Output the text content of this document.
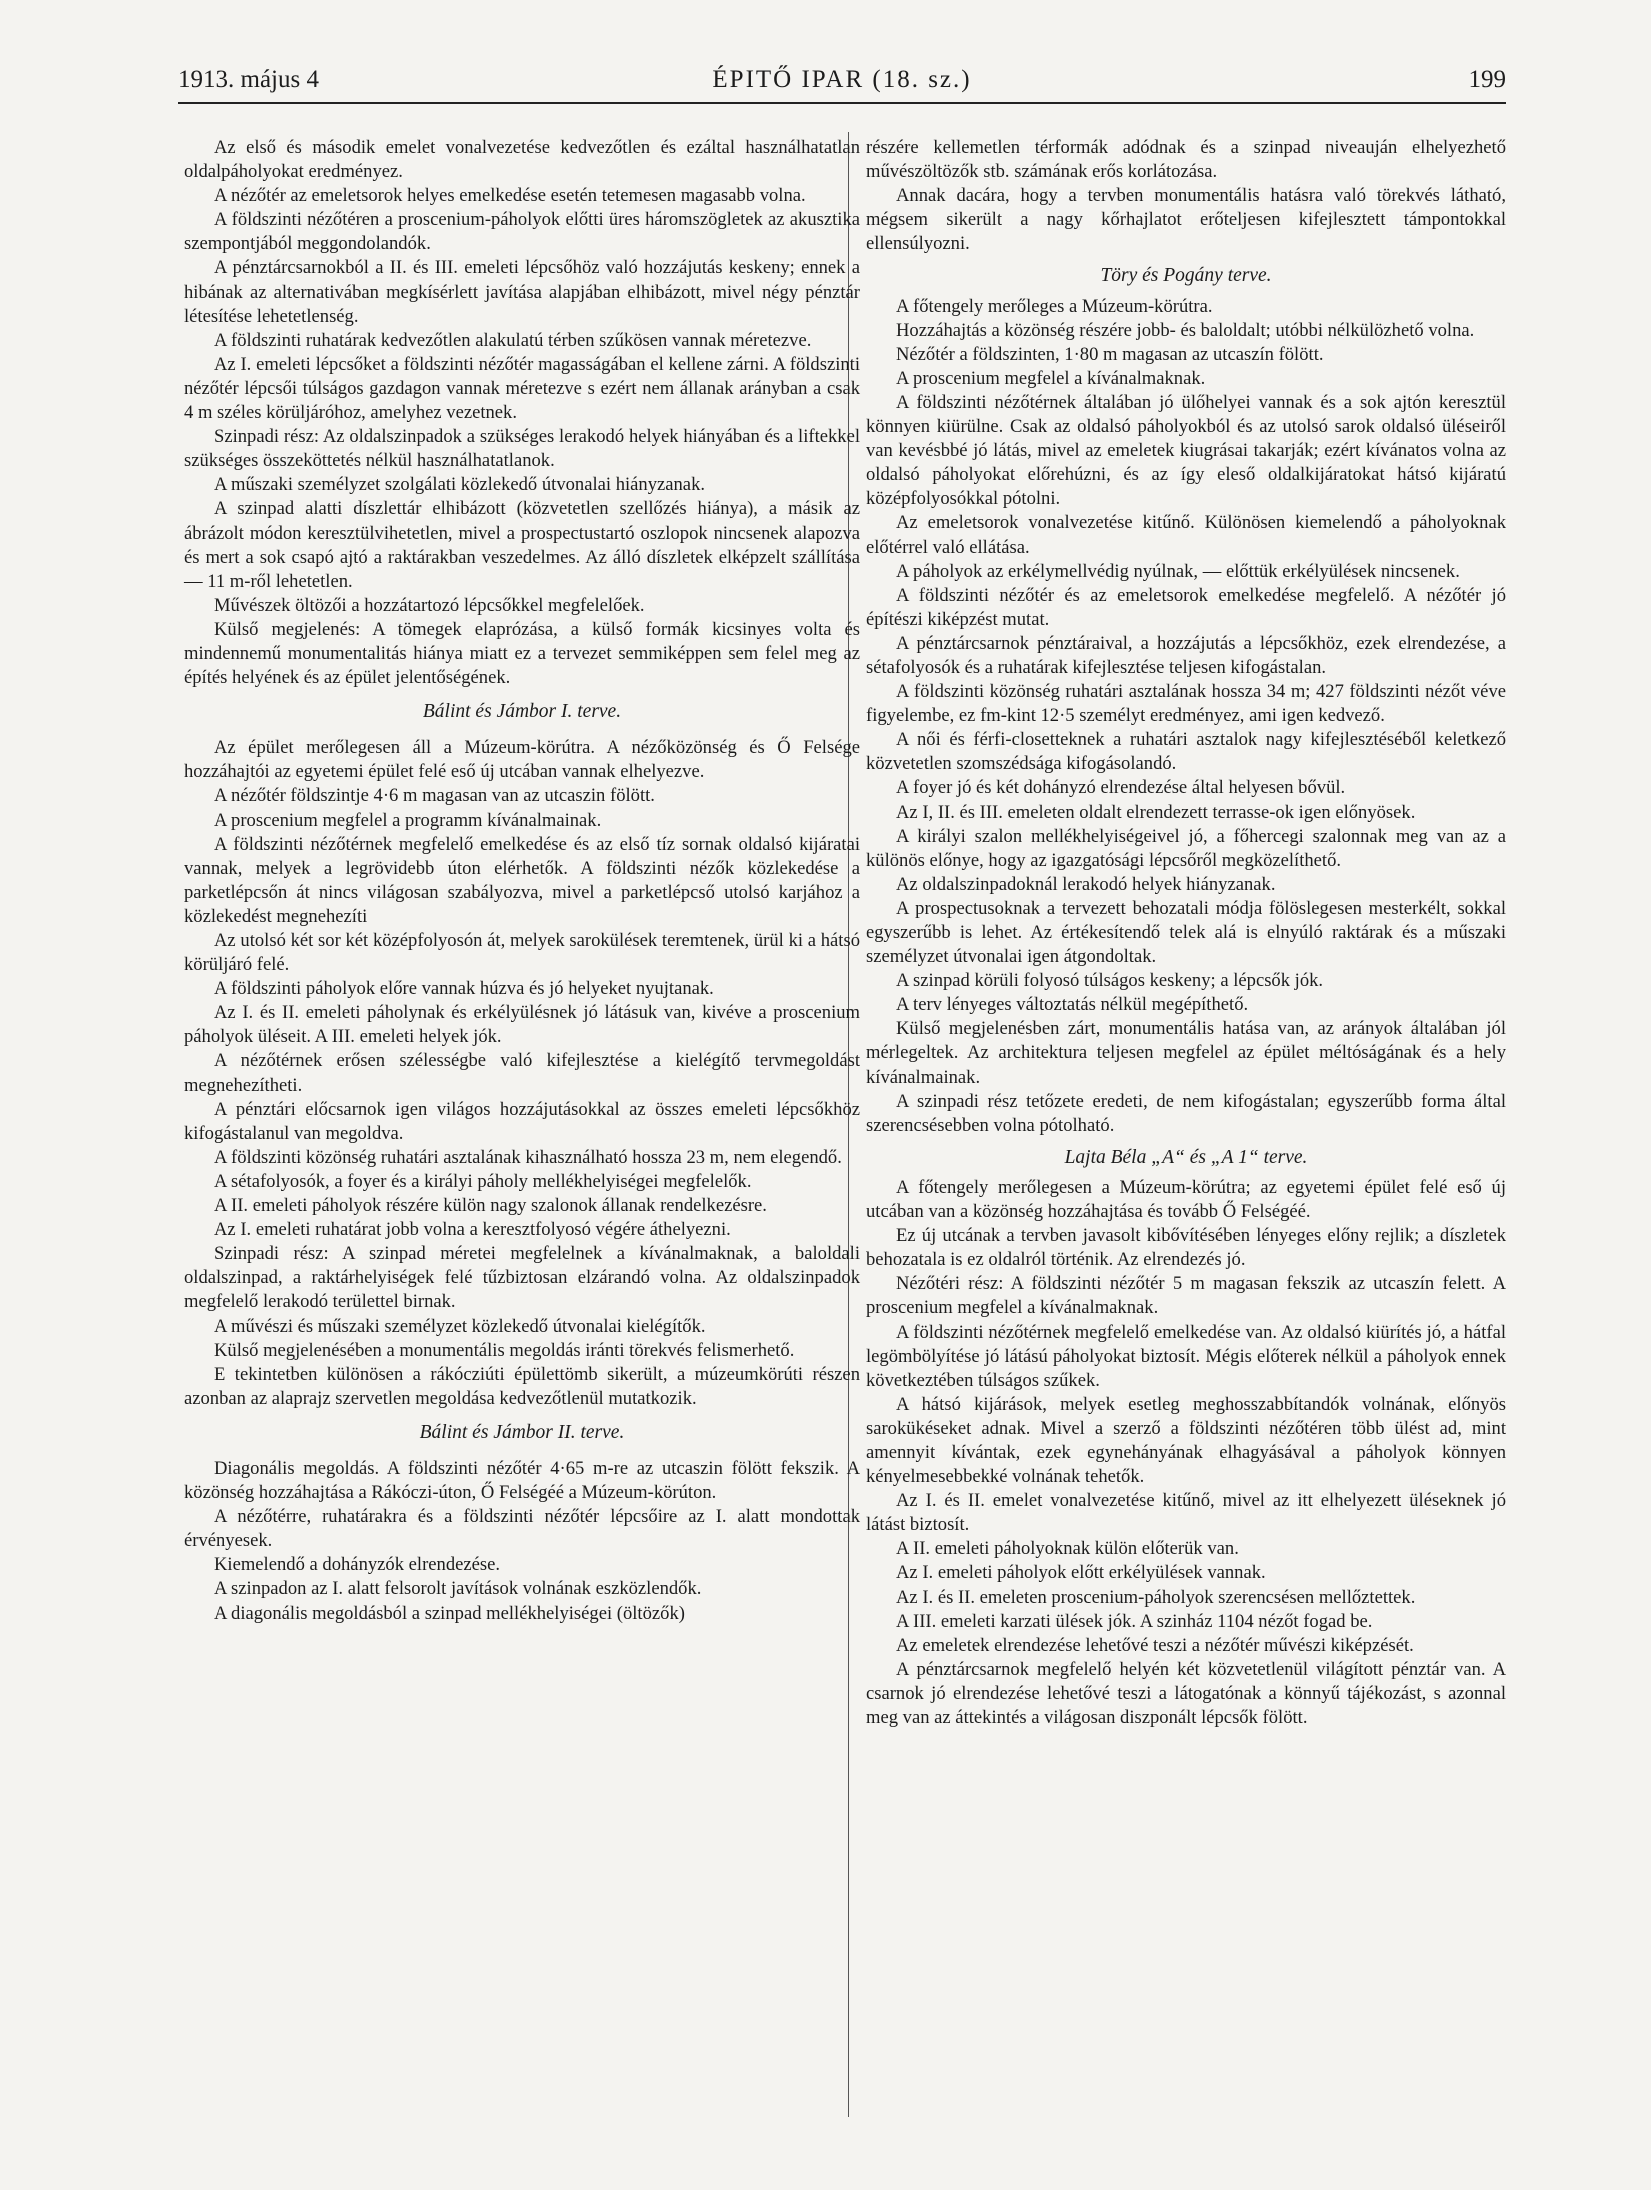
1913. május 4	ÉPITŐ IPAR (18. sz.)	199

Az első és második emelet vonalvezetése kedvezőtlen és ezáltal használhatatlan oldalpáholyokat eredményez.

A nézőtér az emeletsorok helyes emelkedése esetén tetemesen magasabb volna.

A földszinti nézőtéren a proscenium-páholyok előtti üres háromszögletek az akusztika szempontjából meggondolandók.

A pénztárcsarnokból a II. és III. emeleti lépcsőhöz való hozzájutás keskeny; ennek a hibának az alternativában megkísérlett javítása alapjában elhibázott, mivel négy pénztár létesítése lehetetlenség.

A földszinti ruhatárak kedvezőtlen alakulatú térben szűkösen vannak méretezve.

Az I. emeleti lépcsőket a földszinti nézőtér magasságában el kellene zárni. A földszinti nézőtér lépcsői túlságos gazdagon vannak méretezve s ezért nem állanak arányban a csak 4 m széles körüljáróhoz, amelyhez vezetnek.

Szinpadi rész: Az oldalszinpadok a szükséges lerakodó helyek hiányában és a liftekkel szükséges összeköttetés nélkül használhatatlanok.

A műszaki személyzet szolgálati közlekedő útvonalai hiányzanak.

A szinpad alatti díszlettár elhibázott (közvetetlen szellőzés hiánya), a másik az ábrázolt módon keresztülvihetetlen, mivel a prospectustartó oszlopok nincsenek alapozva és mert a sok csapó ajtó a raktárakban veszedelmes. Az álló díszletek elképzelt szállítása — 11 m-ről lehetetlen.

Művészek öltözői a hozzátartozó lépcsőkkel megfelelőek.

Külső megjelenés: A tömegek elaprózása, a külső formák kicsinyes volta és mindennemű monumentalitás hiánya miatt ez a tervezet semmiképpen sem felel meg az építés helyének és az épület jelentőségének.

Bálint és Jámbor I. terve.

Az épület merőlegesen áll a Múzeum-körútra. A nézőközönség és Ő Felsége hozzáhajtói az egyetemi épület felé eső új utcában vannak elhelyezve.

A nézőtér földszintje 4·6 m magasan van az utcaszin fölött.

A proscenium megfelel a programm kívánalmainak.

A földszinti nézőtérnek megfelelő emelkedése és az első tíz sornak oldalsó kijáratai vannak, melyek a legrövidebb úton elérhetők. A földszinti nézők közlekedése a parketlépcsőn át nincs világosan szabályozva, mivel a parketlépcső utolsó karjához a közlekedést megnehezíti

Az utolsó két sor két középfolyosón át, melyek sarokülések teremtenek, ürül ki a hátsó körüljáró felé.

A földszinti páholyok előre vannak húzva és jó helyeket nyujtanak.

Az I. és II. emeleti páholynak és erkélyülésnek jó látásuk van, kivéve a proscenium páholyok üléseit. A III. emeleti helyek jók.

A nézőtérnek erősen szélességbe való kifejlesztése a kielégítő tervmegoldást megnehezítheti.

A pénztári előcsarnok igen világos hozzájutásokkal az összes emeleti lépcsőkhöz kifogástalanul van megoldva.

A földszinti közönség ruhatári asztalának kihasználható hossza 23 m, nem elegendő.

A sétafolyosók, a foyer és a királyi páholy mellékhelyiségei megfelelők.

A II. emeleti páholyok részére külön nagy szalonok állanak rendelkezésre.

Az I. emeleti ruhatárat jobb volna a keresztfolyosó végére áthelyezni.

Szinpadi rész: A szinpad méretei megfelelnek a kívánalmaknak, a baloldali oldalszinpad, a raktárhelyiségek felé tűzbiztosan elzárandó volna. Az oldalszinpadok megfelelő lerakodó területtel birnak.

A művészi és műszaki személyzet közlekedő útvonalai kielégítők.

Külső megjelenésében a monumentális megoldás iránti törekvés felismerhető.

E tekintetben különösen a rákócziúti épülettömb sikerült, a múzeumkörúti részen azonban az alaprajz szervetlen megoldása kedvezőtlenül mutatkozik.

Bálint és Jámbor II. terve.

Diagonális megoldás. A földszinti nézőtér 4·65 m-re az utcaszin fölött fekszik. A közönség hozzáhajtása a Rákóczi-úton, Ő Felségéé a Múzeum-körúton.

A nézőtérre, ruhatárakra és a földszinti nézőtér lépcsőire az I. alatt mondottak érvényesek.

Kiemelendő a dohányzók elrendezése.

A szinpadon az I. alatt felsorolt javítások volnának eszközlendők.

A diagonális megoldásból a szinpad mellékhelyiségei (öltözők)

részére kellemetlen térformák adódnak és a szinpad niveauján elhelyezhető művészöltözők stb. számának erős korlátozása.

Annak dacára, hogy a tervben monumentális hatásra való törekvés látható, mégsem sikerült a nagy kőrhajlatot erőteljesen kifejlesztett támpontokkal ellensúlyozni.

Töry és Pogány terve.

A főtengely merőleges a Múzeum-körútra.

Hozzáhajtás a közönség részére jobb- és baloldalt; utóbbi nélkülözhető volna.

Nézőtér a földszinten, 1·80 m magasan az utcaszín fölött.

A proscenium megfelel a kívánalmaknak.

A földszinti nézőtérnek általában jó ülőhelyei vannak és a sok ajtón keresztül könnyen kiürülne. Csak az oldalsó páholyokból és az utolsó sarok oldalsó üléseiről van kevésbbé jó látás, mivel az emeletek kiugrásai takarják; ezért kívánatos volna az oldalsó páholyokat előrehúzni, és az így eleső oldalkijáratokat hátsó kijáratú középfolyosókkal pótolni.

Az emeletsorok vonalvezetése kitűnő. Különösen kiemelendő a páholyoknak előtérrel való ellátása.

A páholyok az erkélymellvédig nyúlnak, — előttük erkélyülések nincsenek.

A földszinti nézőtér és az emeletsorok emelkedése megfelelő. A nézőtér jó építészi kiképzést mutat.

A pénztárcsarnok pénztáraival, a hozzájutás a lépcsőkhöz, ezek elrendezése, a sétafolyosók és a ruhatárak kifejlesztése teljesen kifogástalan.

A földszinti közönség ruhatári asztalának hossza 34 m; 427 földszinti nézőt véve figyelembe, ez fm-kint 12·5 személyt eredményez, ami igen kedvező.

A női és férfi-closetteknek a ruhatári asztalok nagy kifejlesztéséből keletkező közvetetlen szomszédsága kifogásolandó.

A foyer jó és két dohányzó elrendezése által helyesen bővül.

Az I, II. és III. emeleten oldalt elrendezett terrasse-ok igen előnyösek.

A királyi szalon mellékhelyiségeivel jó, a főhercegi szalonnak meg van az a különös előnye, hogy az igazgatósági lépcsőről megközelíthető.

Az oldalszinpadoknál lerakodó helyek hiányzanak.

A prospectusoknak a tervezett behozatali módja fölöslegesen mesterkélt, sokkal egyszerűbb is lehet. Az értékesítendő telek alá is elnyúló raktárak és a műszaki személyzet útvonalai igen átgondoltak.

A szinpad körüli folyosó túlságos keskeny; a lépcsők jók.

A terv lényeges változtatás nélkül megépíthető.

Külső megjelenésben zárt, monumentális hatása van, az arányok általában jól mérlegeltek. Az architektura teljesen megfelel az épület méltóságának és a hely kívánalmainak.

A szinpadi rész tetőzete eredeti, de nem kifogástalan; egyszerűbb forma által szerencsésebben volna pótolható.

Lajta Béla „A“ és „A 1“ terve.

A főtengely merőlegesen a Múzeum-körútra; az egyetemi épület felé eső új utcában van a közönség hozzáhajtása és tovább Ő Felségéé.

Ez új utcának a tervben javasolt kibővítésében lényeges előny rejlik; a díszletek behozatala is ez oldalról történik. Az elrendezés jó.

Nézőtéri rész: A földszinti nézőtér 5 m magasan fekszik az utcaszín felett. A proscenium megfelel a kívánalmaknak.

A földszinti nézőtérnek megfelelő emelkedése van. Az oldalsó kiürítés jó, a hátfal legömbölyítése jó látású páholyokat biztosít. Mégis előterek nélkül a páholyok ennek következtében túlságos szűkek.

A hátsó kijárások, melyek esetleg meghosszabbítandók volnának, előnyös sarokükéseket adnak. Mivel a szerző a földszinti nézőtéren több ülést ad, mint amennyit kívántak, ezek egynehányának elhagyásával a páholyok könnyen kényelmesebbekké volnának tehetők.

Az I. és II. emelet vonalvezetése kitűnő, mivel az itt elhelyezett üléseknek jó látást biztosít.

A II. emeleti páholyoknak külön előterük van.

Az I. emeleti páholyok előtt erkélyülések vannak.

Az I. és II. emeleten proscenium-páholyok szerencsésen mellőztettek.

A III. emeleti karzati ülések jók. A szinház 1104 nézőt fogad be.

Az emeletek elrendezése lehetővé teszi a nézőtér művészi kiképzését.

A pénztárcsarnok megfelelő helyén két közvetetlenül világított pénztár van. A csarnok jó elrendezése lehetővé teszi a látogatónak a könnyű tájékozást, s azonnal meg van az áttekintés a világosan diszponált lépcsők fölött.
